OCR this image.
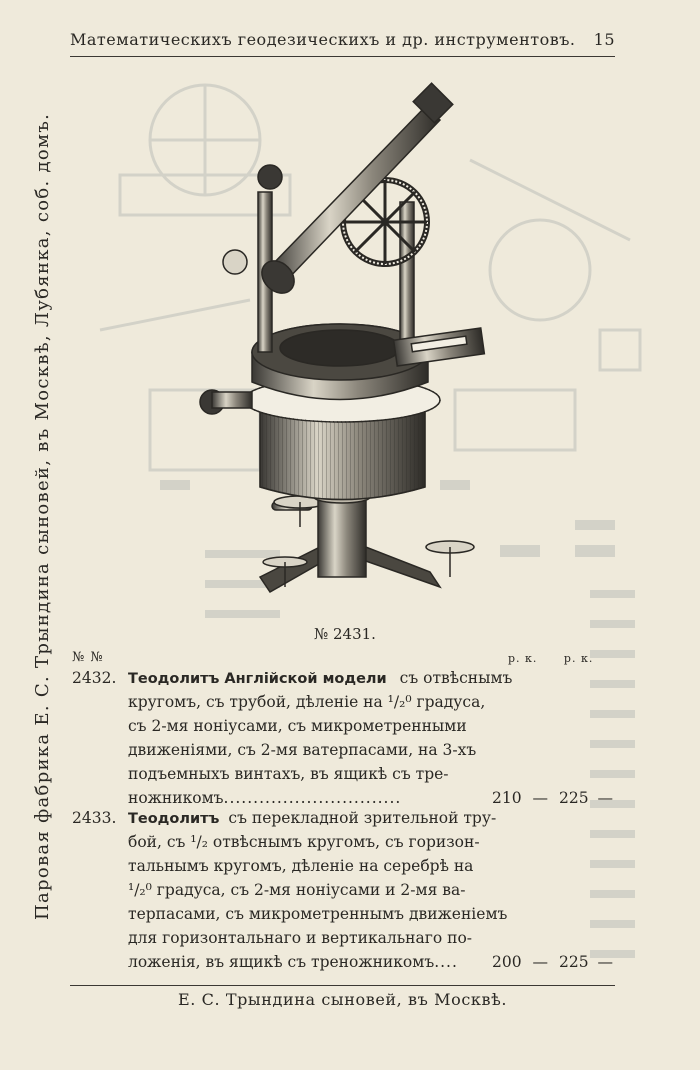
Математическихъ геодезическихъ и др. инструментовъ. 15
Паровая фабрика Е. С. Трындина сыновей, въ Москвѣ, Лубянка, соб. домъ.	№ 2431.
№ №	р. к. р. к.
2432. Теодолитъ Англійской модели съ отвѣснымъ
кругомъ, съ трубой, дѣленіе на ¹/₂⁰ градуса,
съ 2-мя ноніусами, съ микрометренными
движеніями, съ 2-мя ватерпасами, на 3-хъ
подъемныхъ винтахъ, въ ящикѣ съ тре-
ножникомъ..............................	210 — 225 —
2433. Теодолитъ съ перекладной зрительной тру-
бой, съ ¹/₂ отвѣснымъ кругомъ, съ горизон-
тальнымъ кругомъ, дѣленіе на серебрѣ на
¹/₂⁰ градуса, съ 2-мя ноніусами и 2-мя ва-
терпасами, съ микрометреннымъ движеніемъ
для горизонтальнаго и вертикальнаго по-
ложенія, въ ящикѣ съ треножникомъ.... 200 — 225 —
Е. С. Трындина сыновей, въ Москвѣ.
